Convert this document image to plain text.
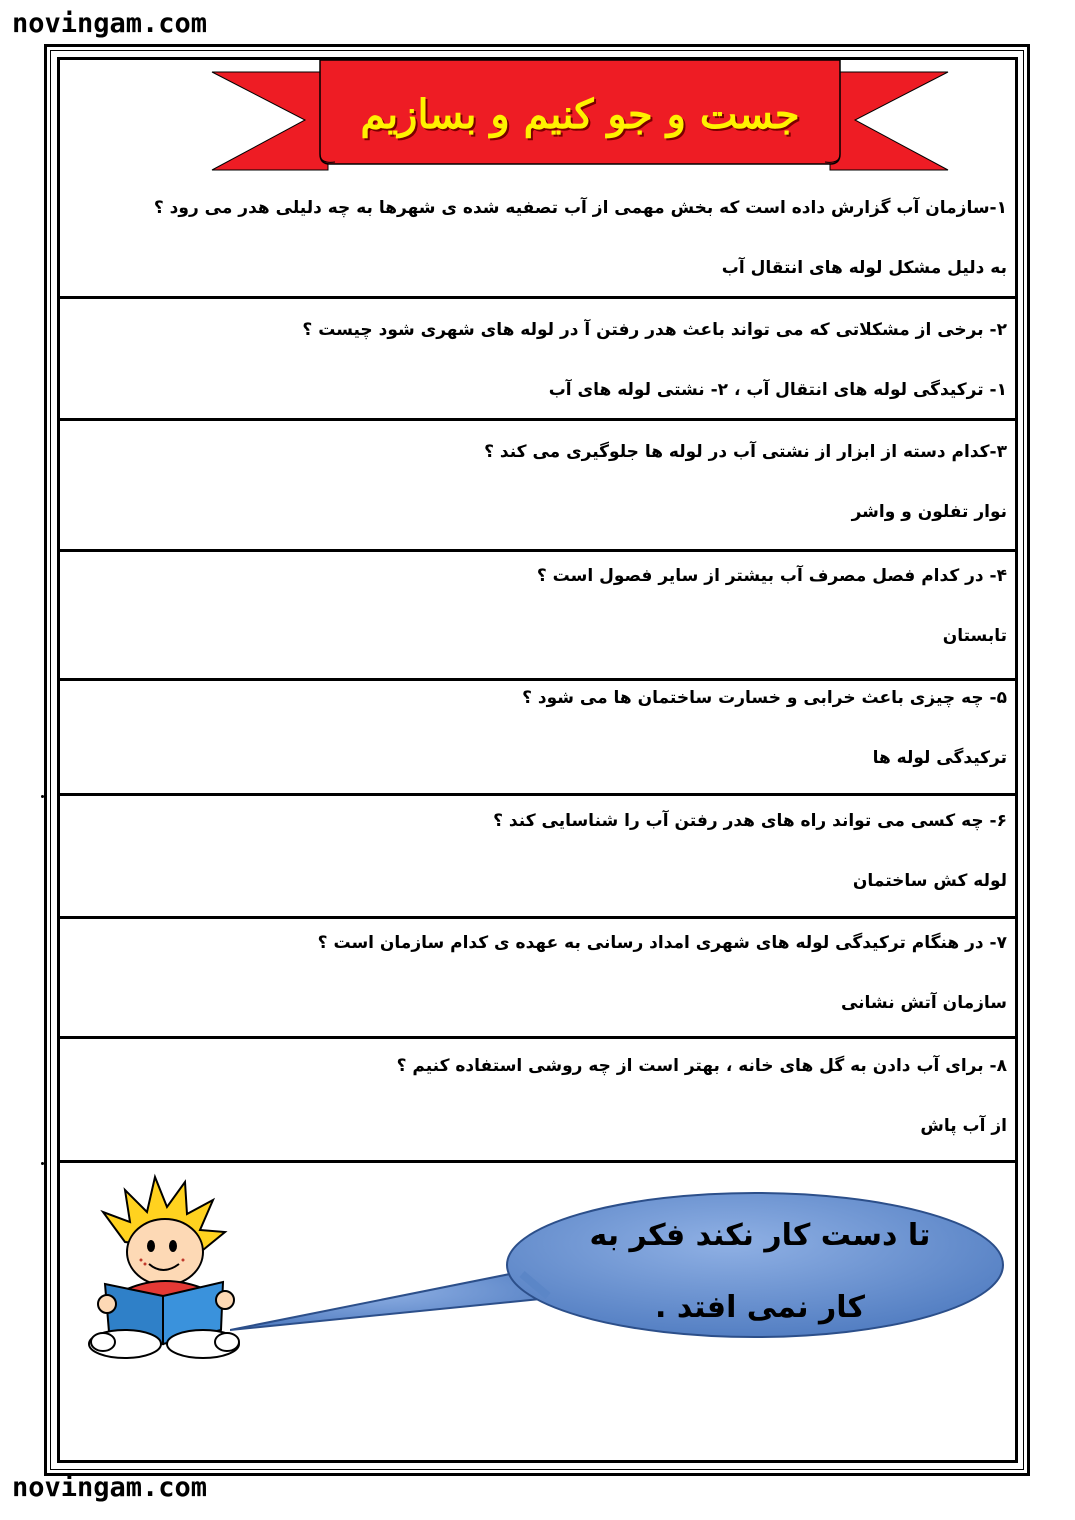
novingam.com
جست و جو کنیم و بسازیم
۱-سازمان آب گزارش داده است که بخش مهمی از آب تصفیه شده ی شهرها به چه دلیلی هدر می رود ؟
به دلیل مشکل لوله های انتقال آب
۲- برخی از مشکلاتی که می تواند باعث هدر رفتن آ در لوله های شهری شود چیست ؟
۱- ترکیدگی لوله های انتقال آب ، ۲- نشتی لوله های آب
۳-کدام دسته از ابزار از نشتی آب در لوله ها جلوگیری می کند ؟
نوار تفلون و واشر
۴- در کدام فصل مصرف آب بیشتر از سایر فصول است ؟
تابستان
۵- چه چیزی باعث خرابی و خسارت ساختمان ها می شود ؟
ترکیدگی لوله ها
۶- چه کسی می تواند راه های هدر رفتن آب را شناسایی کند ؟
لوله کش ساختمان
۷- در هنگام ترکیدگی لوله های شهری امداد رسانی به عهده ی کدام سازمان است ؟
سازمان آتش نشانی
۸- برای آب دادن به گل های خانه ، بهتر است از چه روشی استفاده کنیم ؟
از آب پاش
تا دست کار نکند فکر به
کار نمی افتد .
novingam.com
